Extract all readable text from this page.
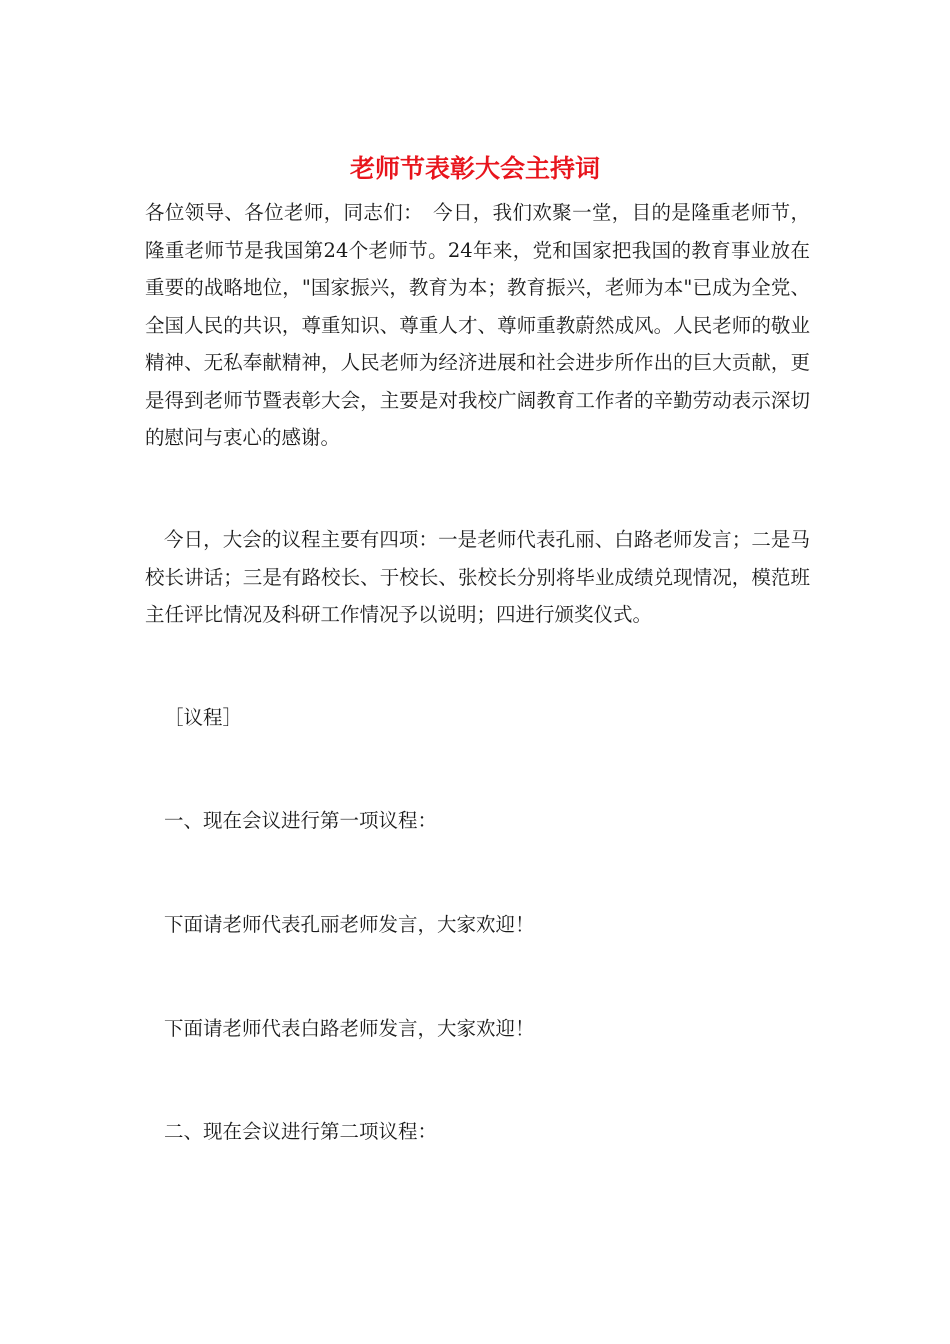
老师节表彰大会主持词

各位领导、各位老师，同志们：　今日，我们欢聚一堂，目的是隆重老师节，隆重老师节是我国第24个老师节。24年来，党和国家把我国的教育事业放在重要的战略地位，"国家振兴，教育为本；教育振兴，老师为本"已成为全党、全国人民的共识，尊重知识、尊重人才、尊师重教蔚然成风。人民老师的敬业精神、无私奉献精神，人民老师为经济进展和社会进步所作出的巨大贡献，更是得到老师节暨表彰大会，主要是对我校广阔教育工作者的辛勤劳动表示深切的慰问与衷心的感谢。

今日，大会的议程主要有四项：一是老师代表孔丽、白路老师发言；二是马校长讲话；三是有路校长、于校长、张校长分别将毕业成绩兑现情况，模范班主任评比情况及科研工作情况予以说明；四进行颁奖仪式。

［议程］

一、现在会议进行第一项议程：

下面请老师代表孔丽老师发言，大家欢迎！

下面请老师代表白路老师发言，大家欢迎！

二、现在会议进行第二项议程：
